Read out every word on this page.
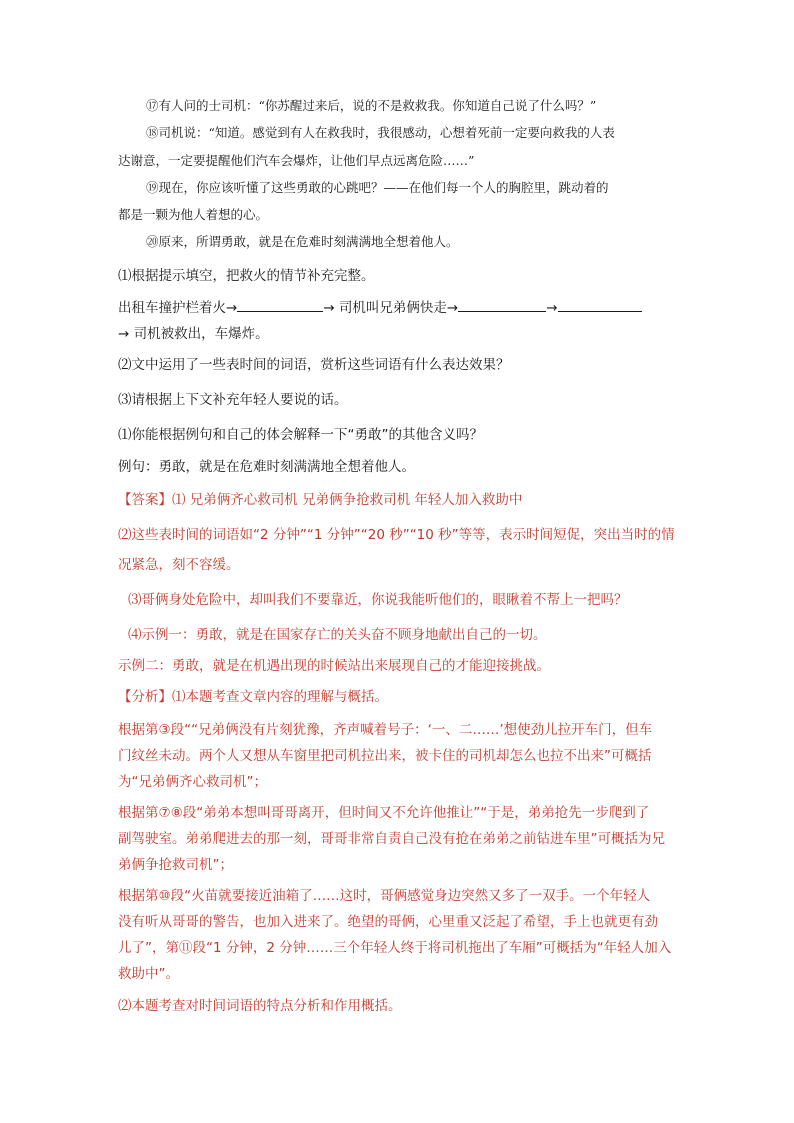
⑰有人问的士司机：“你苏醒过来后，说的不是救救我。你知道自己说了什么吗？”

⑱司机说：“知道。感觉到有人在救我时，我很感动，心想着死前一定要向救我的人表

达谢意，一定要提醒他们汽车会爆炸，让他们早点远离危险……”

⑲现在，你应该听懂了这些勇敢的心跳吧？——在他们每一个人的胸腔里，跳动着的

都是一颗为他人着想的心。

⑳原来，所谓勇敢，就是在危难时刻满满地全想着他人。

⑴根据提示填空，把救火的情节补充完整。

出租车撞护栏着火→	→ 司机叫兄弟俩快走→	→

→ 司机被救出，车爆炸。

⑵文中运用了一些表时间的词语，赏析这些词语有什么表达效果？

⑶请根据上下文补充年轻人要说的话。

⑴你能根据例句和自己的体会解释一下“勇敢”的其他含义吗？

例句：勇敢，就是在危难时刻满满地全想着他人。

【答案】⑴ 兄弟俩齐心救司机 兄弟俩争抢救司机 年轻人加入救助中

⑵这些表时间的词语如“2 分钟”“1 分钟”“20 秒”“10 秒”等等，表示时间短促，突出当时的情

况紧急，刻不容缓。

⑶哥俩身处危险中，却叫我们不要靠近，你说我能听他们的，眼瞅着不帮上一把吗？

⑷示例一：勇敢，就是在国家存亡的关头奋不顾身地献出自己的一切。

示例二：勇敢，就是在机遇出现的时候站出来展现自己的才能迎接挑战。

【分析】⑴本题考查文章内容的理解与概括。

根据第③段““兄弟俩没有片刻犹豫，齐声喊着号子：‘一、二……’想使劲儿拉开车门，但车

门纹丝未动。两个人又想从车窗里把司机拉出来，被卡住的司机却怎么也拉不出来”可概括

为“兄弟俩齐心救司机”；

根据第⑦⑧段“弟弟本想叫哥哥离开，但时间又不允许他推让”“于是，弟弟抢先一步爬到了

副驾驶室。弟弟爬进去的那一刻，哥哥非常自责自己没有抢在弟弟之前钻进车里”可概括为兄

弟俩争抢救司机”；

根据第⑩段“火苗就要接近油箱了……这时，哥俩感觉身边突然又多了一双手。一个年轻人

没有听从哥哥的警告，也加入进来了。绝望的哥俩，心里重又泛起了希望，手上也就更有劲

儿了”，第⑪段“1 分钟，2 分钟……三个年轻人终于将司机拖出了车厢”可概括为“年轻人加入

救助中”。

⑵本题考查对时间词语的特点分析和作用概括。
